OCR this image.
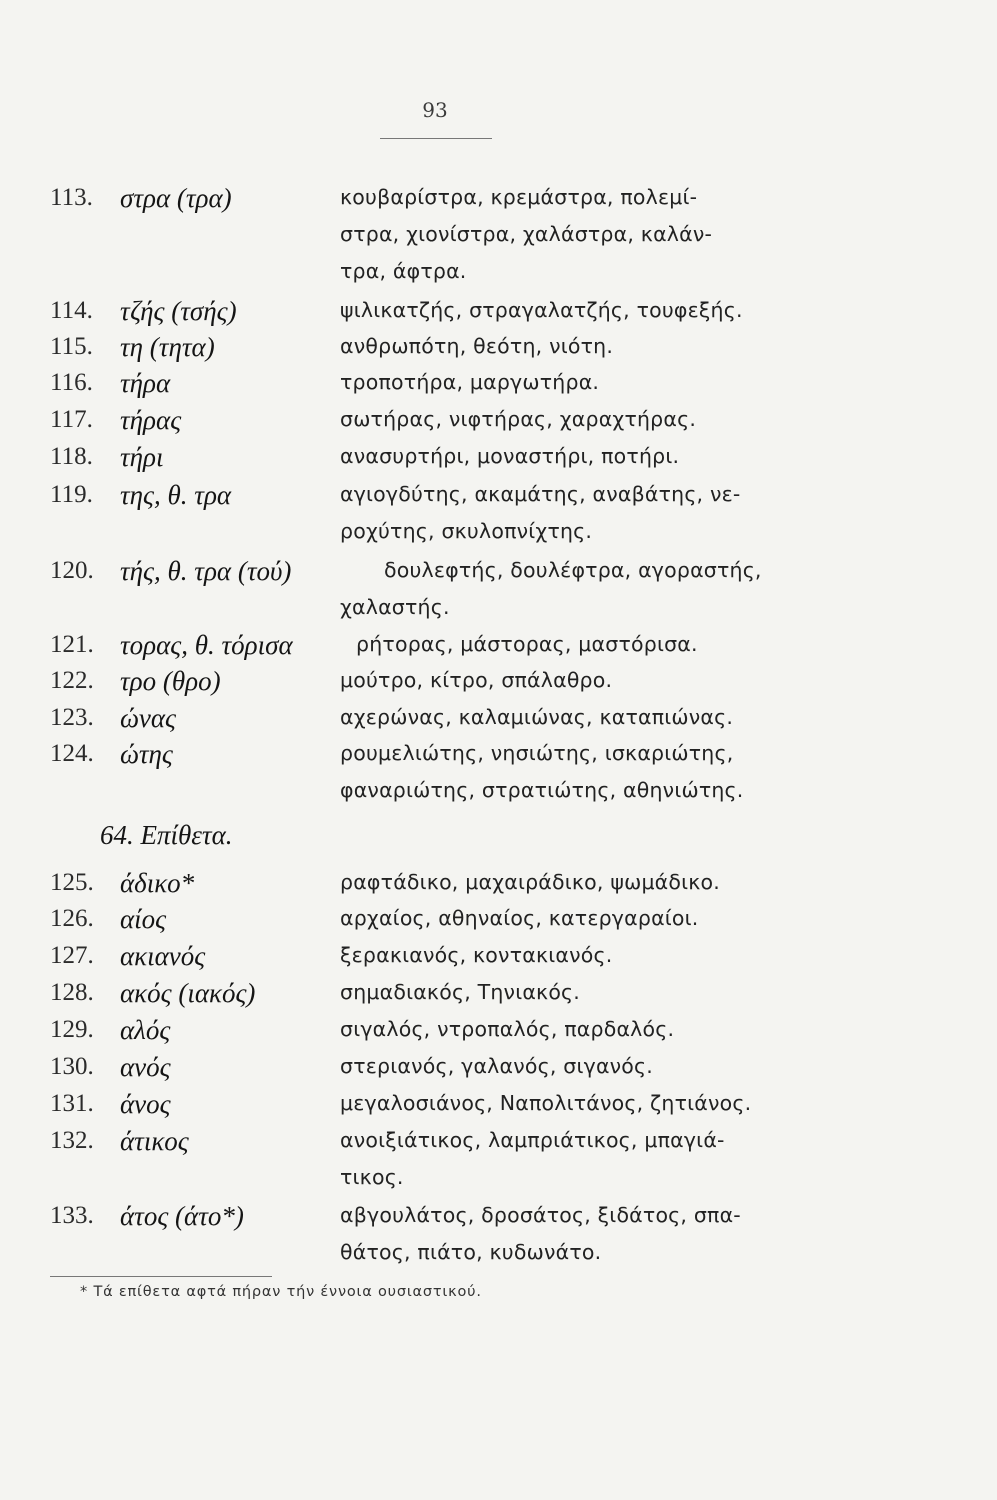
93
113.	στρα (τρα)	κουβαρίστρα, κρεμάστρα, πολεμί-
στρα, χιονίστρα, χαλάστρα, καλάν-
τρα, άφτρα.
114.	τζής (τσής)	ψιλικατζής, στραγαλατζής, τουφεξής.
115.	τη (τητα)	ανθρωπότη, θεότη, νιότη.
116.	τήρα	τροποτήρα, μαργωτήρα.
117.	τήρας	σωτήρας, νιφτήρας, χαραχτήρας.
118.	τήρι	ανασυρτήρι, μοναστήρι, ποτήρι.
119.	της, θ. τρα	αγιογδύτης, ακαμάτης, αναβάτης, νε-
ροχύτης, σκυλοπνίχτης.
120. τής, θ. τρα (τού)	δουλεφτής, δουλέφτρα, αγοραστής,
χαλαστής.
121. τορας, θ. τόρισα	ρήτορας, μάστορας, μαστόρισα.
122. τρο (θρο)	μούτρο, κίτρο, σπάλαθρο.
123. ώνας	αχερώνας, καλαμιώνας, καταπιώνας.
124. ώτης	ρουμελιώτης, νησιώτης, ισκαριώτης,
φαναριώτης, στρατιώτης, αθηνιώτης.
64. Επίθετα.
125. άδικο*	ραφτάδικο, μαχαιράδικο, ψωμάδικο.
126. αίος	αρχαίος, αθηναίος, κατεργαραίοι.
127. ακιανός	ξερακιανός, κοντακιανός.
128. ακός (ιακός)	σημαδιακός, Τηνιακός.
129. αλός	σιγαλός, ντροπαλός, παρδαλός.
130. ανός	στεριανός, γαλανός, σιγανός.
131. άνος	μεγαλοσιάνος, Ναπολιτάνος, ζητιάνος.
132. άτικος	ανοιξιάτικος, λαμπριάτικος, μπαγιά-
τικος.
133. άτος (άτο*)	αβγουλάτος, δροσάτος, ξιδάτος, σπα-
θάτος, πιάτο, κυδωνάτο.
* Τά επίθετα αφτά πήραν τήν έννοια ουσιαστικού.
